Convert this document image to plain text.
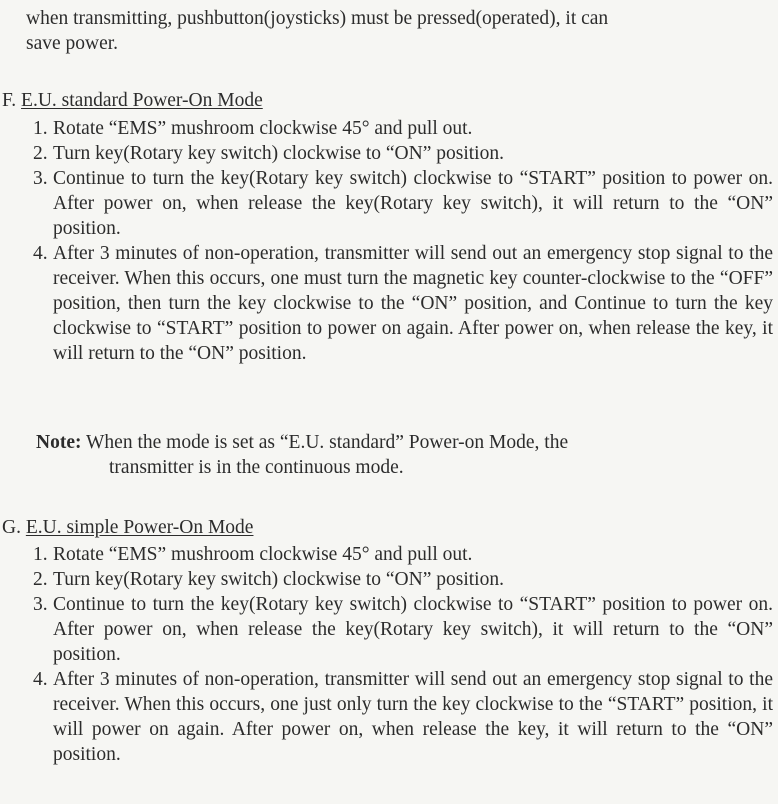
when transmitting, pushbutton(joysticks) must be pressed(operated), it can
save power.
F. E.U. standard Power-On Mode
1. Rotate “EMS” mushroom clockwise 45° and pull out.
2. Turn key(Rotary key switch) clockwise to “ON” position.
3. Continue to turn the key(Rotary key switch) clockwise to “START” position to power on. After power on, when release the key(Rotary key switch), it will return to the “ON” position.
4. After 3 minutes of non-operation, transmitter will send out an emergency stop signal to the receiver. When this occurs, one must turn the magnetic key counter-clockwise to the “OFF” position, then turn the key clockwise to the “ON” position, and Continue to turn the key clockwise to “START” position to power on again. After power on, when release the key, it will return to the “ON” position.
Note: When the mode is set as “E.U. standard” Power-on Mode, the
transmitter is in the continuous mode.
G. E.U. simple Power-On Mode
1. Rotate “EMS” mushroom clockwise 45° and pull out.
2. Turn key(Rotary key switch) clockwise to “ON” position.
3. Continue to turn the key(Rotary key switch) clockwise to “START” position to power on. After power on, when release the key(Rotary key switch), it will return to the “ON” position.
4. After 3 minutes of non-operation, transmitter will send out an emergency stop signal to the receiver. When this occurs, one just only turn the key clockwise to the “START” position, it will power on again. After power on, when release the key, it will return to the “ON” position.
